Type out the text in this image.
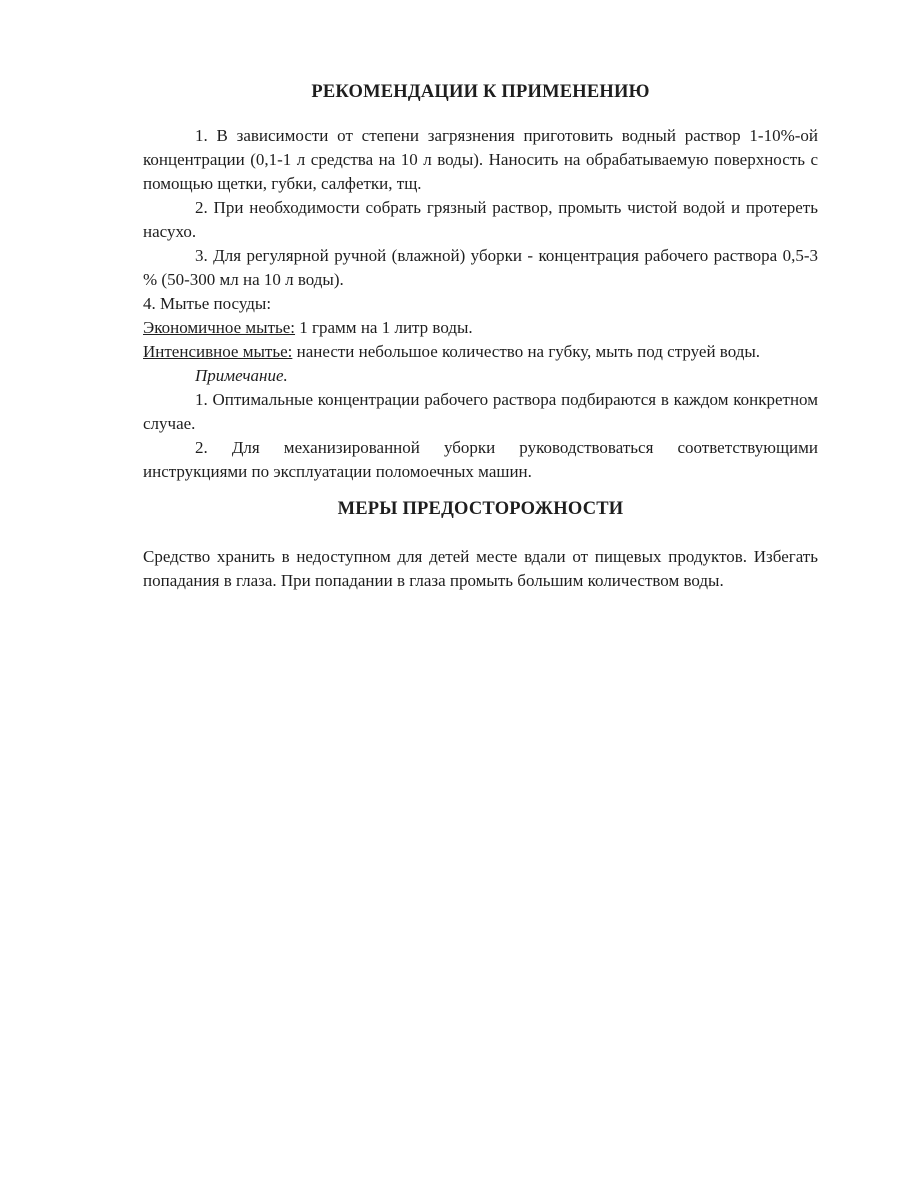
РЕКОМЕНДАЦИИ К ПРИМЕНЕНИЮ

1. В зависимости от степени загрязнения приготовить водный раствор 1-10%-ой концентрации (0,1-1 л средства на 10 л воды). Наносить на обрабатываемую поверхность с помощью щетки, губки, салфетки, тщ.

2. При необходимости собрать грязный раствор, промыть чистой водой и протереть насухо.

3. Для регулярной ручной (влажной) уборки - концентрация рабочего раствора 0,5-3 % (50-300 мл на 10 л воды).

4. Мытье посуды:

Экономичное мытье: 1 грамм на 1 литр воды.

Интенсивное мытье: нанести небольшое количество на губку, мыть под струей воды.

Примечание.

1. Оптимальные концентрации рабочего раствора подбираются в каждом конкретном случае.

2. Для механизированной уборки руководствоваться соответствующими инструкциями по эксплуатации поломоечных машин.

МЕРЫ ПРЕДОСТОРОЖНОСТИ

Средство хранить в недоступном для детей месте вдали от пищевых продуктов. Избегать попадания в глаза. При попадании в глаза промыть большим количеством воды.
